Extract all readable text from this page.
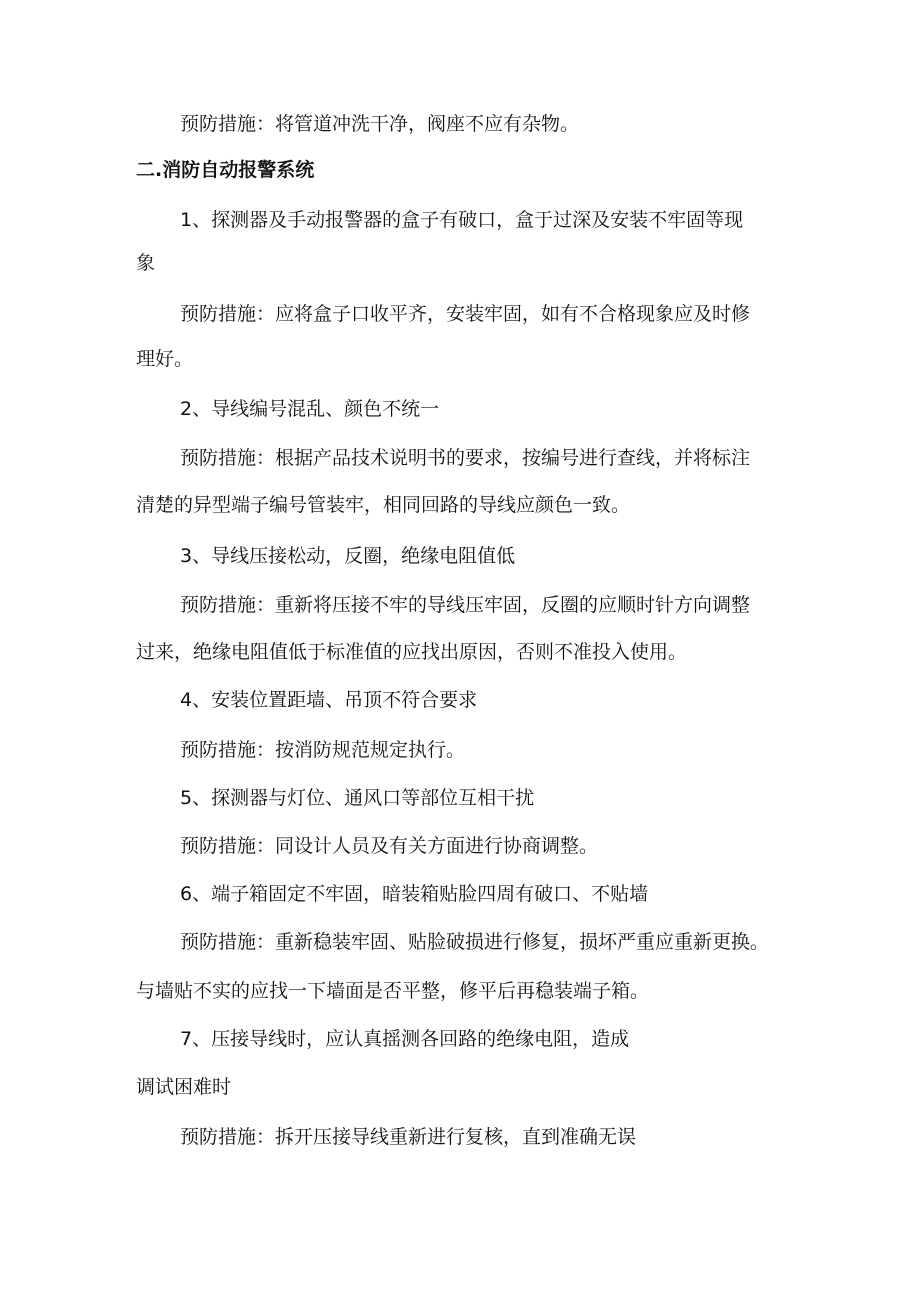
预防措施：将管道冲洗干净，阀座不应有杂物。
二.消防自动报警系统
1、探测器及手动报警器的盒子有破口，盒于过深及安装不牢固等现
象
预防措施：应将盒子口收平齐，安装牢固，如有不合格现象应及时修
理好。
2、导线编号混乱、颜色不统一
预防措施：根据产品技术说明书的要求，按编号进行查线，并将标注
清楚的异型端子编号管装牢，相同回路的导线应颜色一致。
3、导线压接松动，反圈，绝缘电阻值低
预防措施：重新将压接不牢的导线压牢固，反圈的应顺时针方向调整
过来，绝缘电阻值低于标准值的应找出原因，否则不准投入使用。
4、安装位置距墙、吊顶不符合要求
预防措施：按消防规范规定执行。
5、探测器与灯位、通风口等部位互相干扰
预防措施：同设计人员及有关方面进行协商调整。
6、端子箱固定不牢固，暗装箱贴脸四周有破口、不贴墙
预防措施：重新稳装牢固、贴脸破损进行修复，损坏严重应重新更换。
与墙贴不实的应找一下墙面是否平整，修平后再稳装端子箱。
7、压接导线时，应认真摇测各回路的绝缘电阻，造成
调试困难时
预防措施：拆开压接导线重新进行复核，直到准确无误
